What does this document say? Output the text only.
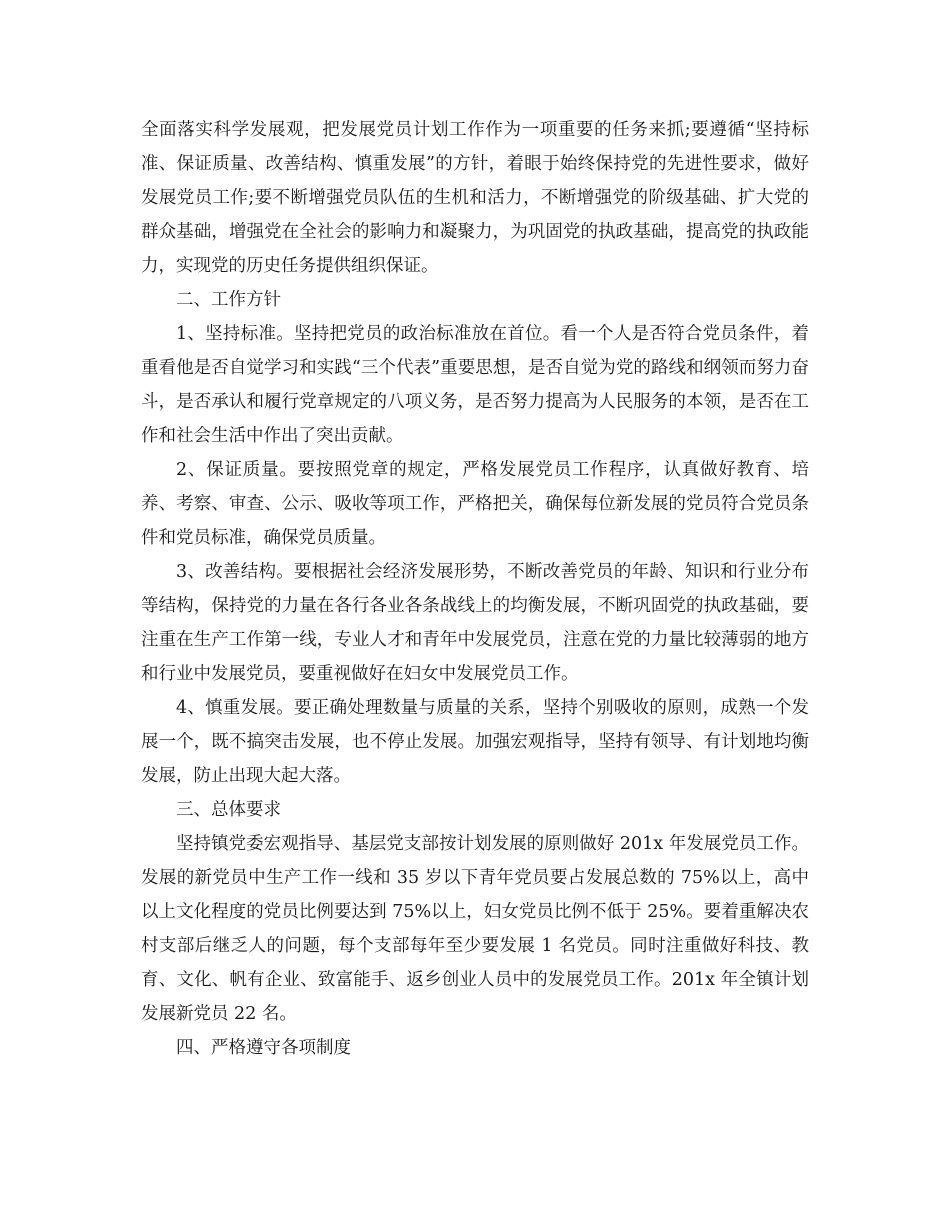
全面落实科学发展观，把发展党员计划工作作为一项重要的任务来抓;要遵循“坚持标准、保证质量、改善结构、慎重发展”的方针，着眼于始终保持党的先进性要求，做好发展党员工作;要不断增强党员队伍的生机和活力，不断增强党的阶级基础、扩大党的群众基础，增强党在全社会的影响力和凝聚力，为巩固党的执政基础，提高党的执政能力，实现党的历史任务提供组织保证。

二、工作方针

1、坚持标准。坚持把党员的政治标准放在首位。看一个人是否符合党员条件，着重看他是否自觉学习和实践“三个代表”重要思想，是否自觉为党的路线和纲领而努力奋斗，是否承认和履行党章规定的八项义务，是否努力提高为人民服务的本领，是否在工作和社会生活中作出了突出贡献。

2、保证质量。要按照党章的规定，严格发展党员工作程序，认真做好教育、培养、考察、审查、公示、吸收等项工作，严格把关，确保每位新发展的党员符合党员条件和党员标准，确保党员质量。

3、改善结构。要根据社会经济发展形势，不断改善党员的年龄、知识和行业分布等结构，保持党的力量在各行各业各条战线上的均衡发展，不断巩固党的执政基础，要注重在生产工作第一线，专业人才和青年中发展党员，注意在党的力量比较薄弱的地方和行业中发展党员，要重视做好在妇女中发展党员工作。

4、慎重发展。要正确处理数量与质量的关系，坚持个别吸收的原则，成熟一个发展一个，既不搞突击发展，也不停止发展。加强宏观指导，坚持有领导、有计划地均衡发展，防止出现大起大落。

三、总体要求

坚持镇党委宏观指导、基层党支部按计划发展的原则做好 201x 年发展党员工作。发展的新党员中生产工作一线和 35 岁以下青年党员要占发展总数的 75%以上，高中以上文化程度的党员比例要达到 75%以上，妇女党员比例不低于 25%。要着重解决农村支部后继乏人的问题，每个支部每年至少要发展 1 名党员。同时注重做好科技、教育、文化、帆有企业、致富能手、返乡创业人员中的发展党员工作。201x 年全镇计划发展新党员 22 名。

四、严格遵守各项制度
